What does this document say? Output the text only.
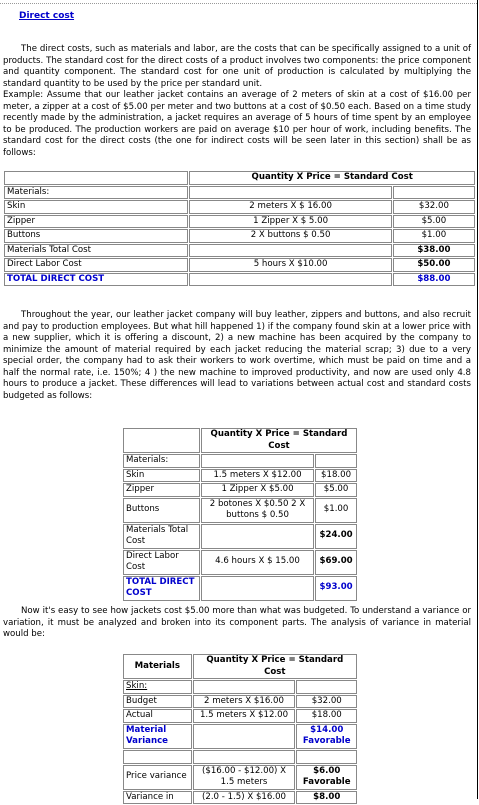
Direct cost
The direct costs, such as materials and labor, are the costs that can be specifically assigned to a unit of products. The standard cost for the direct costs of a product involves two components: the price component and quantity component. The standard cost for one unit of production is calculated by multiplying the standard quantity to be used by the price per standard unit.
Example: Assume that our leather jacket contains an average of 2 meters of skin at a cost of $16.00 per meter, a zipper at a cost of $5.00 per meter and two buttons at a cost of $0.50 each. Based on a time study recently made by the administration, a jacket requires an average of 5 hours of time spent by an employee to be produced. The production workers are paid on average $10 per hour of work, including benefits. The standard cost for the direct costs (the one for indirect costs will be seen later in this section) shall be as follows:
	Quantity X Price = Standard Cost	
Materials:		
Skin	2 meters X $ 16.00	$32.00
Zipper	1 Zipper X $ 5.00	$5.00
Buttons	2 X buttons $ 0.50	$1.00
Materials Total Cost		$38.00
Direct Labor Cost	5 hours X $10.00	$50.00
TOTAL DIRECT COST		$88.00
Throughout the year, our leather jacket company will buy leather, zippers and buttons, and also recruit and pay to production employees. But what hill happened 1) if the company found skin at a lower price with a new supplier, which it is offering a discount, 2) a new machine has been acquired by the company to minimize the amount of material required by each jacket reducing the material scrap; 3) due to a very special order, the company had to ask their workers to work overtime, which must be paid on time and a half the normal rate, i.e. 150%; 4 ) the new machine to improved productivity, and now are used only 4.8 hours to produce a jacket. These differences will lead to variations between actual cost and standard costs budgeted as follows:
	Quantity X Price = Standard Cost	
Materials:		
Skin	1.5 meters X $12.00	$18.00
Zipper	1 Zipper X $5.00	$5.00
Buttons	2 botones X $0.50 2 X buttons $ 0.50	$1.00
Materials Total Cost		$24.00
Direct Labor Cost	4.6 hours X $ 15.00	$69.00
TOTAL DIRECT COST		$93.00
Now it's easy to see how jackets cost $5.00 more than what was budgeted. To understand a variance or variation, it must be analyzed and broken into its component parts. The analysis of variance in material would be:
Materials	Quantity X Price = Standard Cost	
Skin:		
Budget	2 meters X $16.00	$32.00
Actual	1.5 meters X $12.00	$18.00
Material Variance		$14.00 Favorable

Price variance	($16.00 - $12.00) X 1.5 meters	$6.00 Favorable
Variance in	(2.0 - 1.5) X $16.00	$8.00
